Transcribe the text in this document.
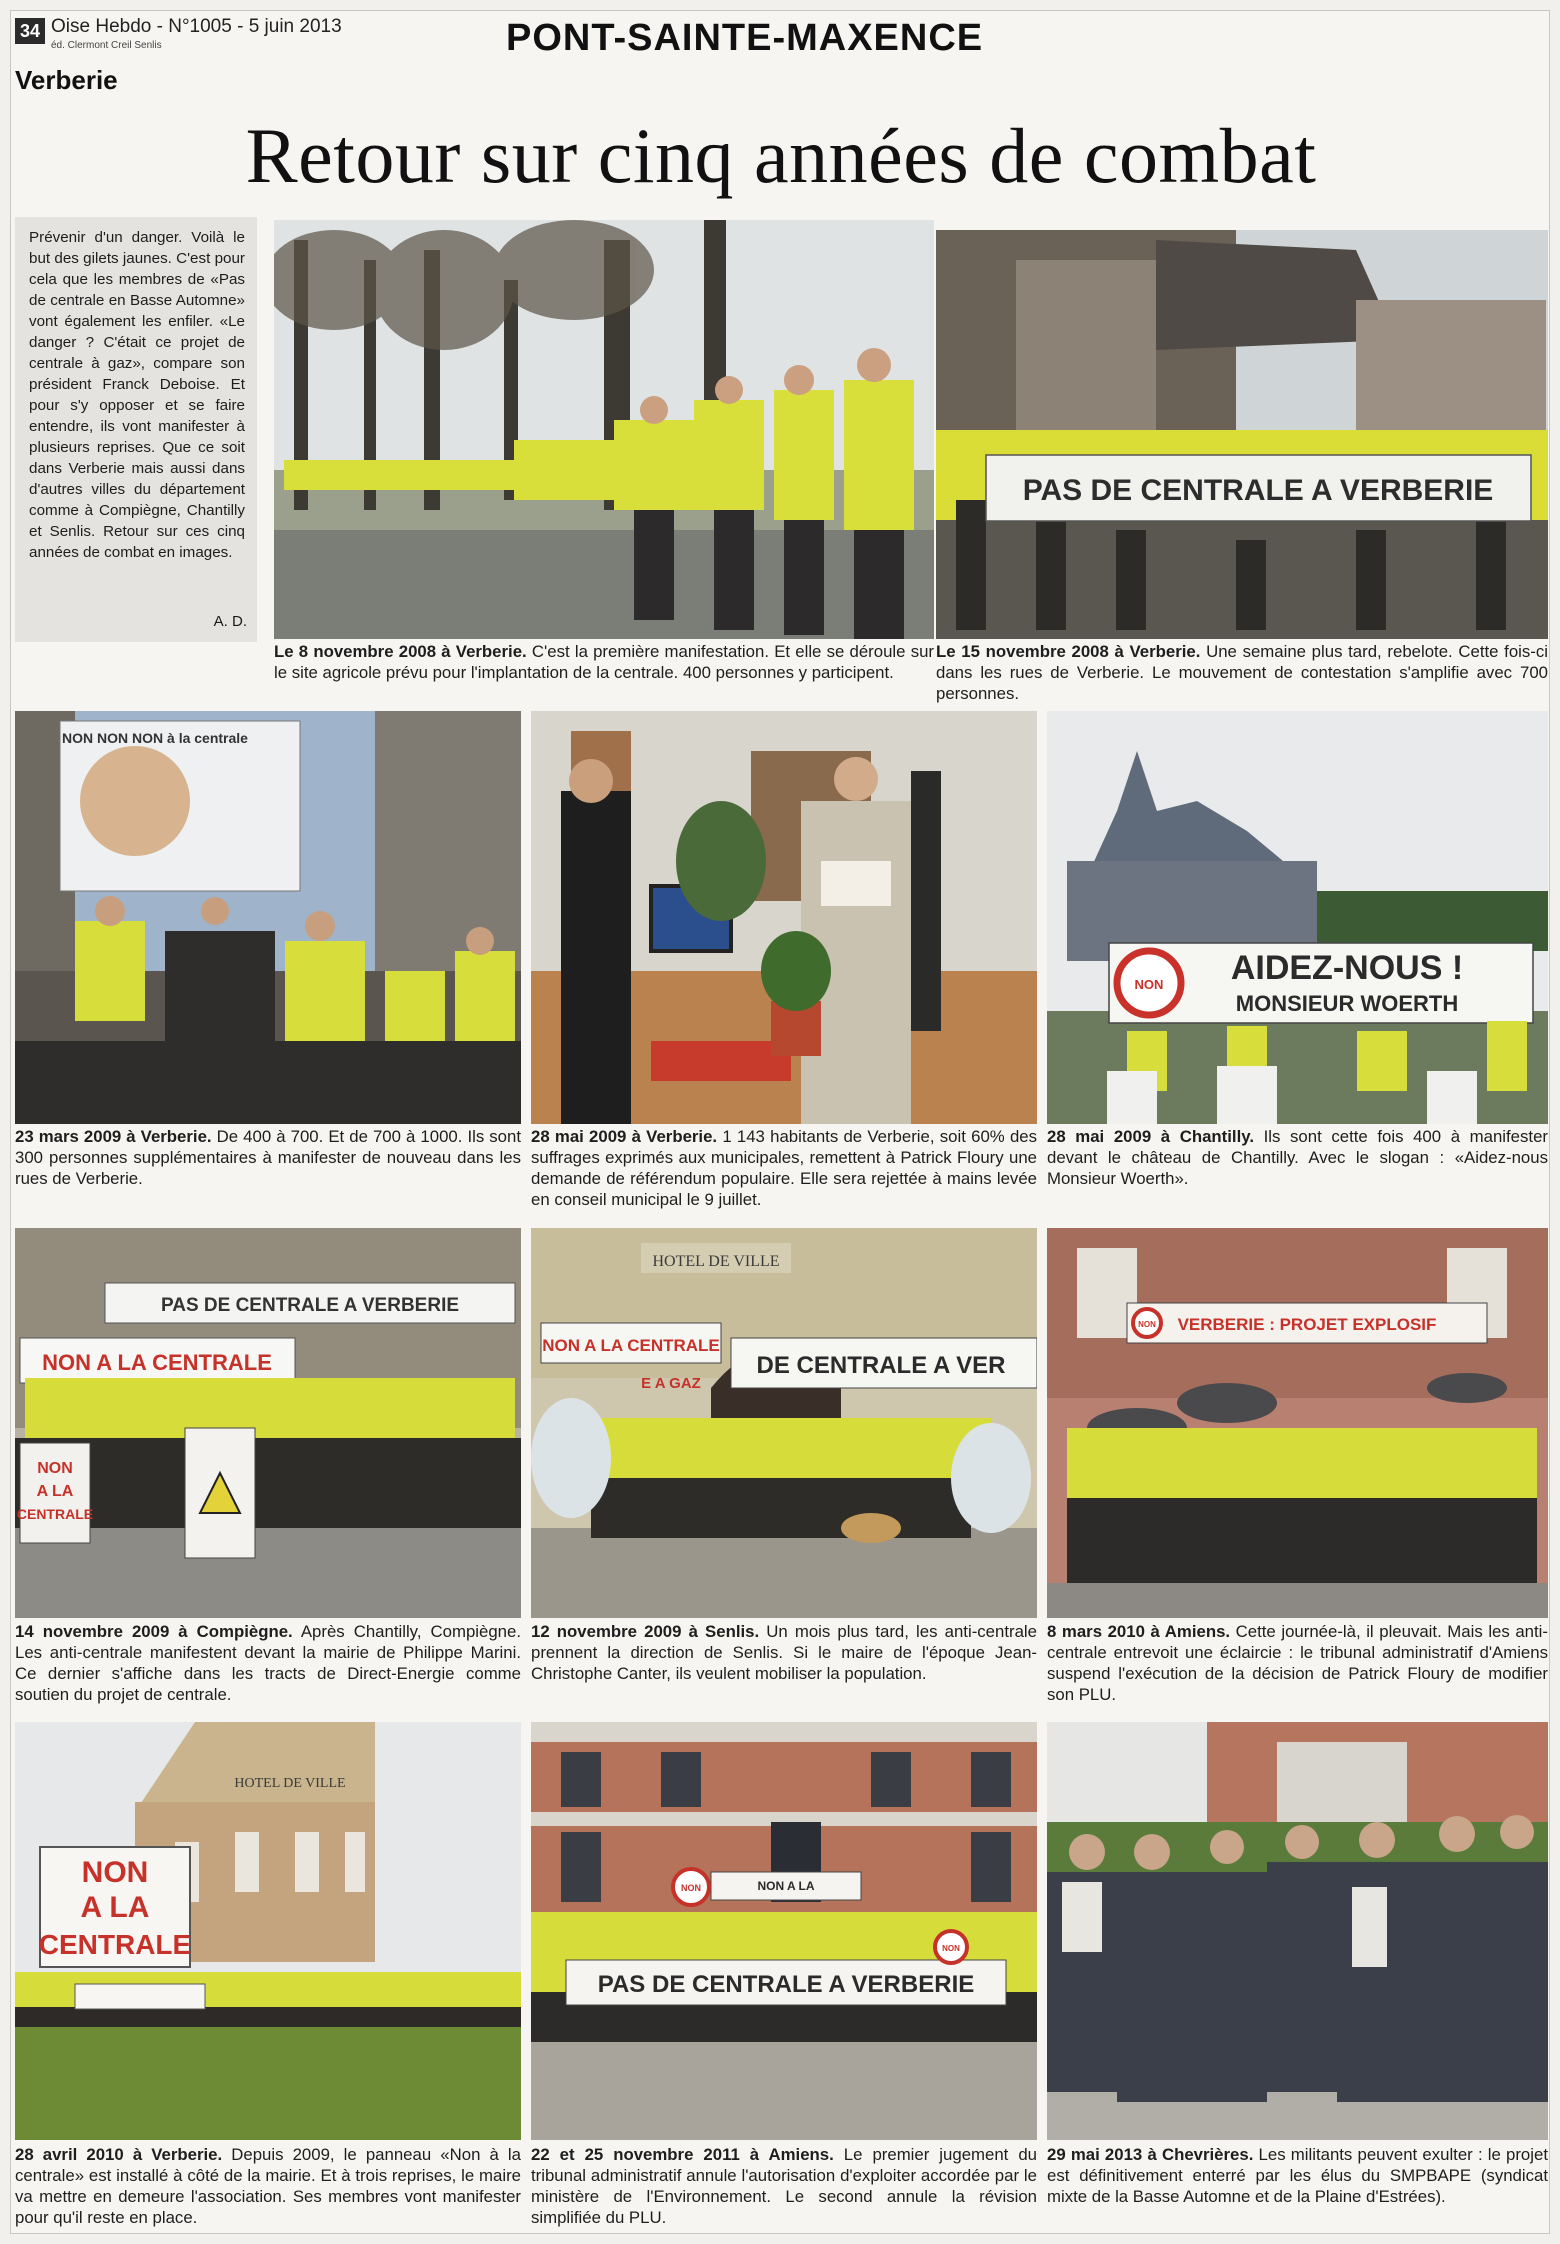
34 Oise Hebdo - N°1005 - 5 juin 2013
éd. Clermont Creil Senlis	PONT-SAINTE-MAXENCE
Verberie
Retour sur cinq années de combat

Prévenir d'un danger. Voilà le but des gilets jaunes. C'est pour cela que les membres de «Pas de centrale en Basse Automne» vont également les enfiler. «Le danger ? C'était ce projet de centrale à gaz», compare son président Franck Deboise. Et pour s'y opposer et se faire entendre, ils vont manifester à plusieurs reprises. Que ce soit dans Verberie mais aussi dans d'autres villes du département comme à Compiègne, Chantilly et Senlis. Retour sur ces cinq années de combat en images.

A. D.
Le 8 novembre 2008 à Verberie. C'est la première manifestation. Et elle se déroule sur le site agricole prévu pour l'implantation de la centrale. 400 personnes y participent.
PAS DE CENTRALE A VERBERIE
Le 15 novembre 2008 à Verberie. Une semaine plus tard, rebelote. Cette fois-ci dans les rues de Verberie. Le mouvement de contestation s'amplifie avec 700 personnes.
NON NON NON à la centrale
23 mars 2009 à Verberie. De 400 à 700. Et de 700 à 1000. Ils sont 300 personnes supplémentaires à manifester de nouveau dans les rues de Verberie.
28 mai 2009 à Verberie. 1 143 habitants de Verberie, soit 60% des suffrages exprimés aux municipales, remettent à Patrick Floury une demande de référendum populaire. Elle sera rejettée à mains levée en conseil municipal le 9 juillet.
NON AIDEZ-NOUS !
MONSIEUR WOERTH
28 mai 2009 à Chantilly. Ils sont cette fois 400 à manifester devant le château de Chantilly. Avec le slogan : «Aidez-nous Monsieur Woerth».
PAS DE CENTRALE A VERBERIE
NON A LA CENTRALE
NON
A LA
CENTRALE
14 novembre 2009 à Compiègne. Après Chantilly, Compiègne. Les anti-centrale manifestent devant la mairie de Philippe Marini. Ce dernier s'affiche dans les tracts de Direct-Energie comme soutien du projet de centrale.
HOTEL DE VILLE
NON A LA CENTRALE
DE CENTRALE A VER
E A GAZ
12 novembre 2009 à Senlis. Un mois plus tard, les anti-centrale prennent la direction de Senlis. Si le maire de l'époque Jean-Christophe Canter, ils veulent mobiliser la population.
NON VERBERIE : PROJET EXPLOSIF
8 mars 2010 à Amiens. Cette journée-là, il pleuvait. Mais les anti-centrale entrevoit une éclaircie : le tribunal administratif d'Amiens suspend l'exécution de la décision de Patrick Floury de modifier son PLU.
HOTEL DE VILLE
NON
A LA
CENTRALE
28 avril 2010 à Verberie. Depuis 2009, le panneau «Non à la centrale» est installé à côté de la mairie. Et à trois reprises, le maire va mettre en demeure l'association. Ses membres vont manifester pour qu'il reste en place.
PAS DE CENTRALE A VERBERIE
NON
NON
NON A LA
22 et 25 novembre 2011 à Amiens. Le premier jugement du tribunal administratif annule l'autorisation d'exploiter accordée par le ministère de l'Environnement. Le second annule la révision simplifiée du PLU.
29 mai 2013 à Chevrières. Les militants peuvent exulter : le projet est définitivement enterré par les élus du SMPBAPE (syndicat mixte de la Basse Automne et de la Plaine d'Estrées).
